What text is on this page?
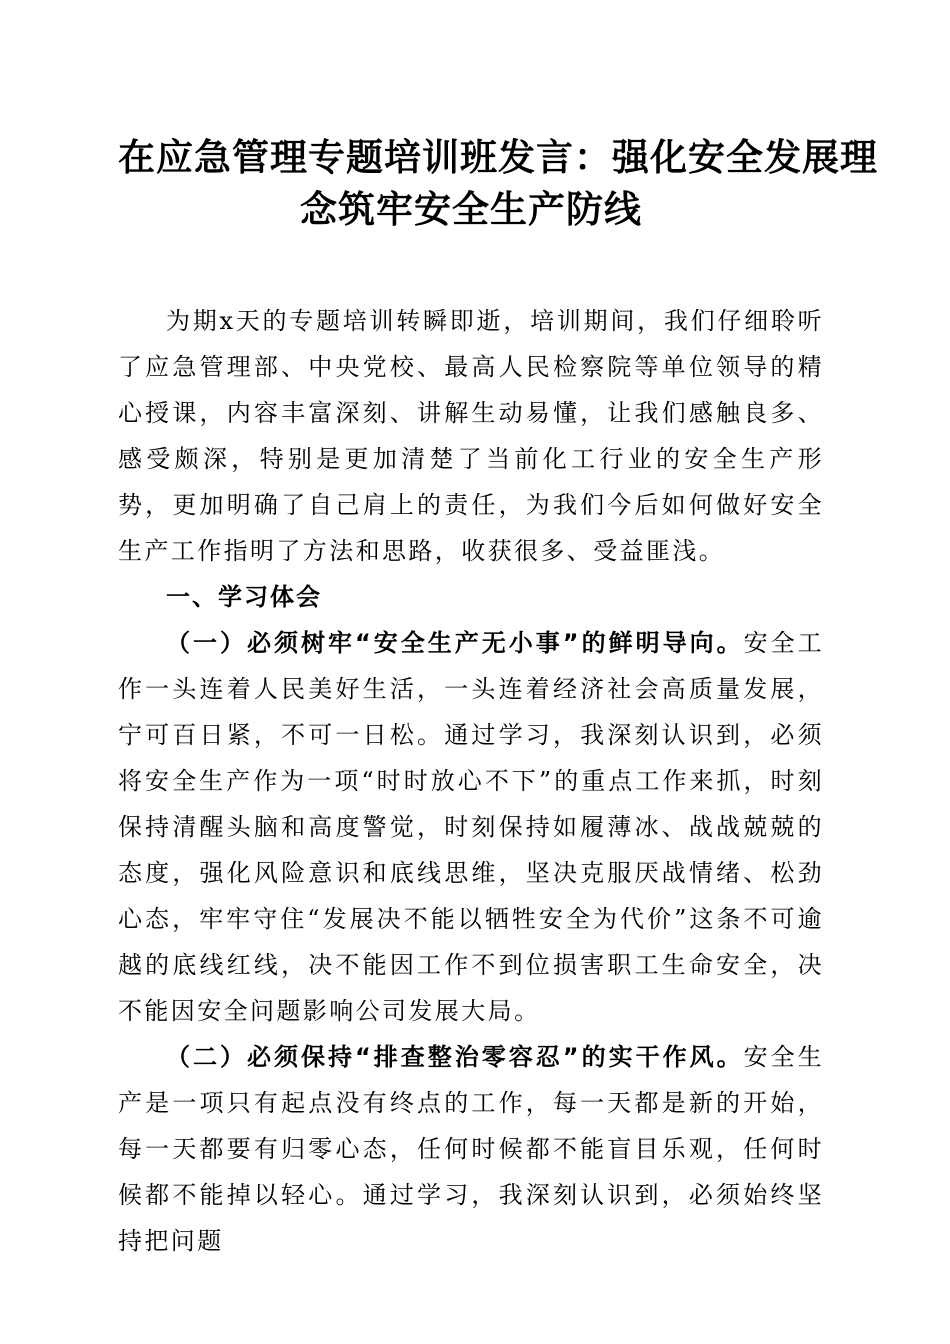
在应急管理专题培训班发言：强化安全发展理
念筑牢安全生产防线

为期x天的专题培训转瞬即逝，培训期间，我们仔细聆听了应急管理部、中央党校、最高人民检察院等单位领导的精心授课，内容丰富深刻、讲解生动易懂，让我们感触良多、感受颇深，特别是更加清楚了当前化工行业的安全生产形势，更加明确了自己肩上的责任，为我们今后如何做好安全生产工作指明了方法和思路，收获很多、受益匪浅。

一、学习体会

（一）必须树牢“安全生产无小事”的鲜明导向。安全工作一头连着人民美好生活，一头连着经济社会高质量发展，宁可百日紧，不可一日松。通过学习，我深刻认识到，必须将安全生产作为一项“时时放心不下”的重点工作来抓，时刻保持清醒头脑和高度警觉，时刻保持如履薄冰、战战兢兢的态度，强化风险意识和底线思维，坚决克服厌战情绪、松劲心态，牢牢守住“发展决不能以牺牲安全为代价”这条不可逾越的底线红线，决不能因工作不到位损害职工生命安全，决不能因安全问题影响公司发展大局。

（二）必须保持“排查整治零容忍”的实干作风。安全生产是一项只有起点没有终点的工作，每一天都是新的开始，每一天都要有归零心态，任何时候都不能盲目乐观，任何时候都不能掉以轻心。通过学习，我深刻认识到，必须始终坚持把问题
